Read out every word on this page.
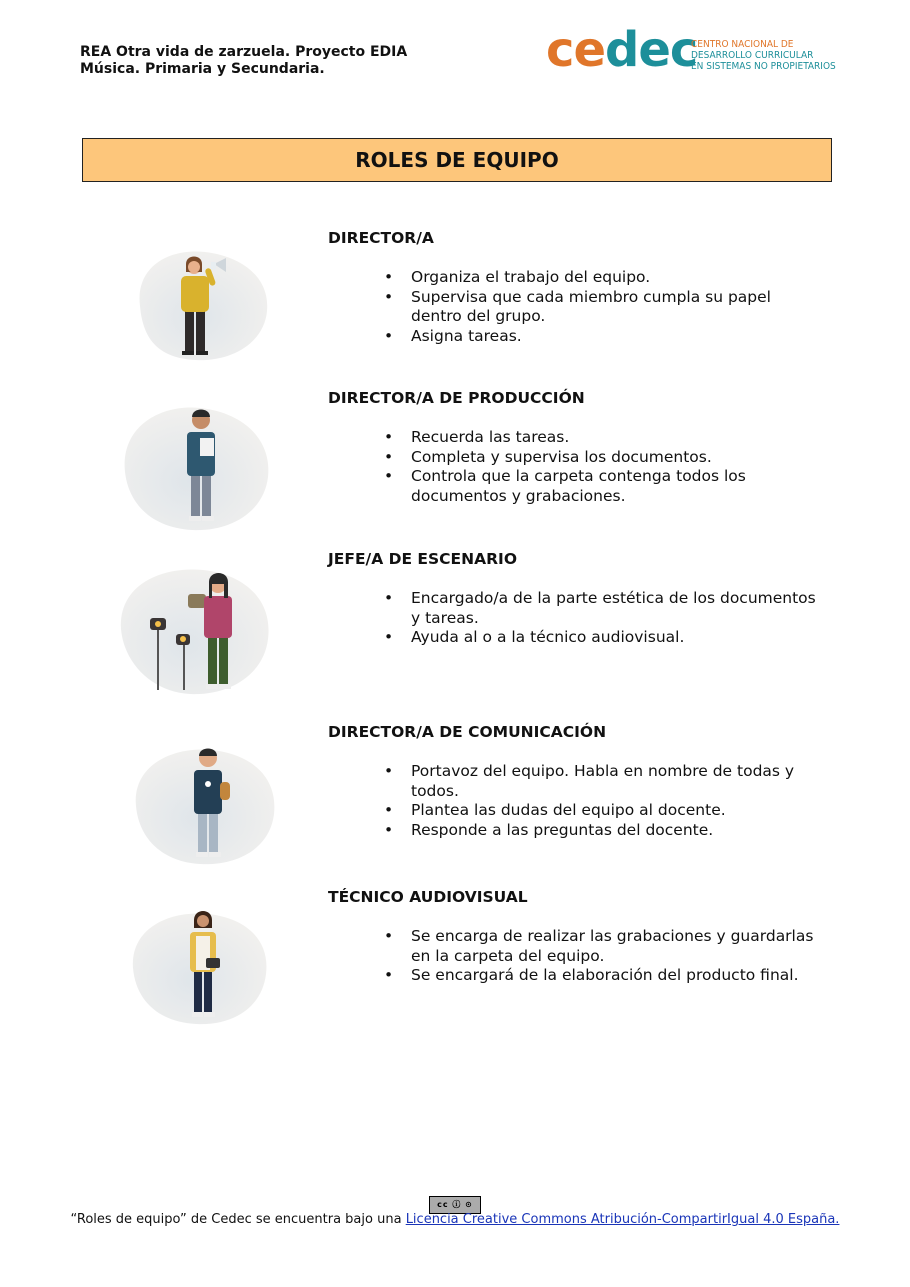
REA Otra vida de zarzuela. Proyecto EDIA
Música. Primaria y Secundaria.	cedec
CENTRO NACIONAL DE
DESARROLLO CURRICULAR
EN SISTEMAS NO PROPIETARIOS
ROLES DE EQUIPO
DIRECTOR/A
• Organiza el trabajo del equipo.
• Supervisa que cada miembro cumpla su papel dentro del grupo.
• Asigna tareas.
DIRECTOR/A DE PRODUCCIÓN
• Recuerda las tareas.
• Completa y supervisa los documentos.
• Controla que la carpeta contenga todos los documentos y grabaciones.
JEFE/A DE ESCENARIO
• Encargado/a de la parte estética de los documentos y tareas.
• Ayuda al o a la técnico audiovisual.
DIRECTOR/A DE COMUNICACIÓN
• Portavoz del equipo. Habla en nombre de todas y todos.
• Plantea las dudas del equipo al docente.
• Responde a las preguntas del docente.
TÉCNICO AUDIOVISUAL
• Se encarga de realizar las grabaciones y guardarlas en la carpeta del equipo.
• Se encargará de la elaboración del producto final.
cc ⓘ ⊙
“Roles de equipo” de Cedec se encuentra bajo una Licencia Creative Commons Atribución-CompartirIgual 4.0 España.
